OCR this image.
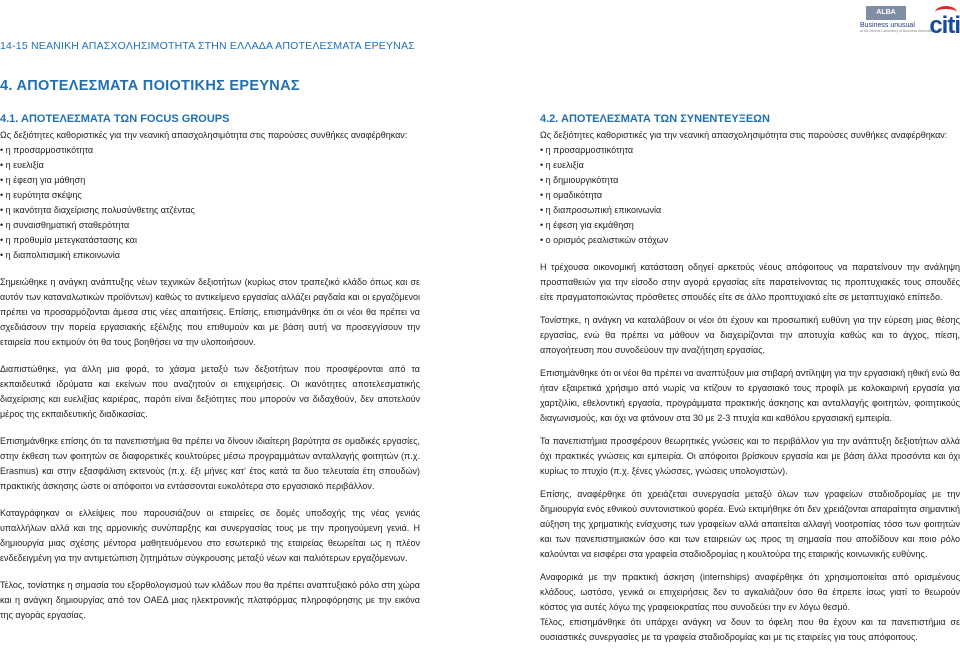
14-15 ΝΕΑΝΙΚΗ ΑΠΑΣΧΟΛΗΣΙΜΟΤΗΤΑ ΣΤΗΝ ΕΛΛΑΔΑ ΑΠΟΤΕΛΕΣΜΑΤΑ ΕΡΕΥΝΑΣ
ALBA
Business unusual
at the Athens Laboratory of Business Administration
citi
4. ΑΠΟΤΕΛΕΣΜΑΤΑ ΠΟΙΟΤΙΚΗΣ ΕΡΕΥΝΑΣ
4.1. ΑΠΟΤΕΛΕΣΜΑΤΑ ΤΩΝ FOCUS GROUPS

Ως δεξιότητες καθοριστικές για την νεανική απασχολησιμότητα στις παρούσες συνθήκες αναφέρθηκαν:

• η προσαρμοστικότητα
• η ευελιξία
• η έφεση για μάθηση
• η ευρύτητα σκέψης
• η ικανότητα διαχείρισης πολυσύνθετης ατζέντας
• η συναισθηματική σταθερότητα
• η προθυμία μετεγκατάστασης και
• η διαπολιτισμική επικοινωνία

Σημειώθηκε η ανάγκη ανάπτυξης νέων τεχνικών δεξιοτήτων (κυρίως στον τραπεζικό κλάδο όπως και σε αυτόν των καταναλωτικών προϊόντων) καθώς το αντικείμενο εργασίας αλλάζει ραγδαία και οι εργαζόμενοι πρέπει να προσαρμόζονται άμεσα στις νέες απαιτήσεις. Επίσης, επισημάνθηκε ότι οι νέοι θα πρέπει να σχεδιάσουν την πορεία εργασιακής εξέλιξης που επιθυμούν και με βάση αυτή να προσεγγίσουν την εταιρεία που εκτιμούν ότι θα τους βοηθήσει να την υλοποιήσουν.

Διαπιστώθηκε, για άλλη μια φορά, το χάσμα μεταξύ των δεξιοτήτων που προσφέρονται από τα εκπαιδευτικά ιδρύματα και εκείνων που αναζητούν οι επιχειρήσεις. Οι ικανότητες αποτελεσματικής διαχείρισης και ευελιξίας καριέρας, παρότι είναι δεξιότητες που μπορούν να διδαχθούν, δεν αποτελούν μέρος της εκπαιδευτικής διαδικασίας.

Επισημάνθηκε επίσης ότι τα πανεπιστήμια θα πρέπει να δίνουν ιδιαίτερη βαρύτητα σε ομαδικές εργασίες, στην έκθεση των φοιτητών σε διαφορετικές κουλτούρες μέσω προγραμμάτων ανταλλαγής φοιτητών (π.χ. Erasmus) και στην εξασφάλιση εκτενούς (π.χ. έξι μήνες κατ' έτος κατά τα δυο τελευταία έτη σπουδών) πρακτικής άσκησης ώστε οι απόφοιτοι να εντάσσονται ευκολότερα στο εργασιακό περιβάλλον.

Καταγράφηκαν οι ελλείψεις που παρουσιάζουν οι εταιρείες σε δομές υποδοχής της νέας γενιάς υπαλλήλων αλλά και της αρμονικής συνύπαρξης και συνεργασίας τους με την προηγούμενη γενιά. Η δημιουργία μιας σχέσης μέντορα μαθητευόμενου στο εσωτερικό της εταιρείας θεωρείται ως η πλέον ενδεδειγμένη για την αντιμετώπιση ζητημάτων σύγκρουσης μεταξύ νέων και παλιότερων εργαζόμενων.

Τέλος, τονίστηκε η σημασία του εξορθολογισμού των κλάδων που θα πρέπει αναπτυξιακό ρόλο στη χώρα και η ανάγκη δημιουργίας από τον ΟΑΕΔ μιας ηλεκτρονικής πλατφόρμας πληροφόρησης με την εικόνα της αγοράς εργασίας.

4.2. ΑΠΟΤΕΛΕΣΜΑΤΑ ΤΩΝ ΣΥΝΕΝΤΕΥΞΕΩΝ

Ως δεξιότητες καθοριστικές για την νεανική απασχολησιμότητα στις παρούσες συνθήκες αναφέρθηκαν:

• η προσαρμοστικότητα
• η ευελιξία
• η δημιουργικότητα
• η ομαδικότητα
• η διαπροσωπική επικοινωνία
• η έφεση για εκμάθηση
• ο ορισμός ρεαλιστικών στόχων

Η τρέχουσα οικονομική κατάσταση οδηγεί αρκετούς νέους απόφοιτους να παρατείνουν την ανάληψη προσπαθειών για την είσοδο στην αγορά εργασίας είτε παρατείνοντας τις προπτυχιακές τους σπουδές είτε πραγματοποιώντας πρόσθετες σπουδές είτε σε άλλο προπτυχιακό είτε σε μεταπτυχιακό επίπεδο.

Τονίστηκε, η ανάγκη να καταλάβουν οι νέοι ότι έχουν και προσωπική ευθύνη για την εύρεση μιας θέσης εργασίας, ενώ θα πρέπει να μάθουν να διαχειρίζονται την αποτυχία καθώς και το άγχος, πίεση, απογοήτευση που συνοδεύουν την αναζήτηση εργασίας.

Επισημάνθηκε ότι οι νέοι θα πρέπει να αναπτύξουν μια στιβαρή αντίληψη για την εργασιακή ηθική ενώ θα ήταν εξαιρετικά χρήσιμο από νωρίς να κτίζουν το εργασιακό τους προφίλ με καλοκαιρινή εργασία για χαρτζιλίκι, εθελοντική εργασία, προγράμματα πρακτικής άσκησης και ανταλλαγής φοιτητών, φοιτητικούς διαγωνισμούς, και όχι να φτάνουν στα 30 με 2-3 πτυχία και καθόλου εργασιακή εμπειρία.

Τα πανεπιστήμια προσφέρουν θεωρητικές γνώσεις και το περιβάλλον για την ανάπτυξη δεξιοτήτων αλλά όχι πρακτικές γνώσεις και εμπειρία. Οι απόφοιτοι βρίσκουν εργασία και με βάση άλλα προσόντα και όχι κυρίως το πτυχίο (π.χ. ξένες γλώσσες, γνώσεις υπολογιστών).

Επίσης, αναφέρθηκε ότι χρειάζεται συνεργασία μεταξύ όλων των γραφείων σταδιοδρομίας με την δημιουργία ενός εθνικού συντονιστικού φορέα. Ενώ εκτιμήθηκε ότι δεν χρειάζονται απαραίτητα σημαντική αύξηση της χρηματικής ενίσχυσης των γραφείων αλλά απαιτείται αλλαγή νοοτροπίας τόσο των φοιτητών και των πανεπιστημιακών όσο και των εταιρειών ως προς τη σημασία που αποδίδουν και ποιο ρόλο καλούνται να εισφέρει στα γραφεία σταδιοδρομίας η κουλτούρα της εταιρικής κοινωνικής ευθύνης.

Αναφορικά με την πρακτική άσκηση (internships) αναφέρθηκε ότι χρησιμοποιείται από ορισμένους κλάδους, ωστόσο, γενικά οι επιχειρήσεις δεν το αγκαλιάζουν όσο θα έπρεπε ίσως γιατί το θεωρούν κόστος για αυτές λόγω της γραφειοκρατίας που συνοδεύει την εν λόγω θεσμό.

Τέλος, επισημάνθηκε ότι υπάρχει ανάγκη να δουν το όφελη που θα έχουν και τα πανεπιστήμια σε ουσιαστικές συνεργασίες με τα γραφεία σταδιοδρομίας και με τις εταιρείες για τους απόφοιτους.
